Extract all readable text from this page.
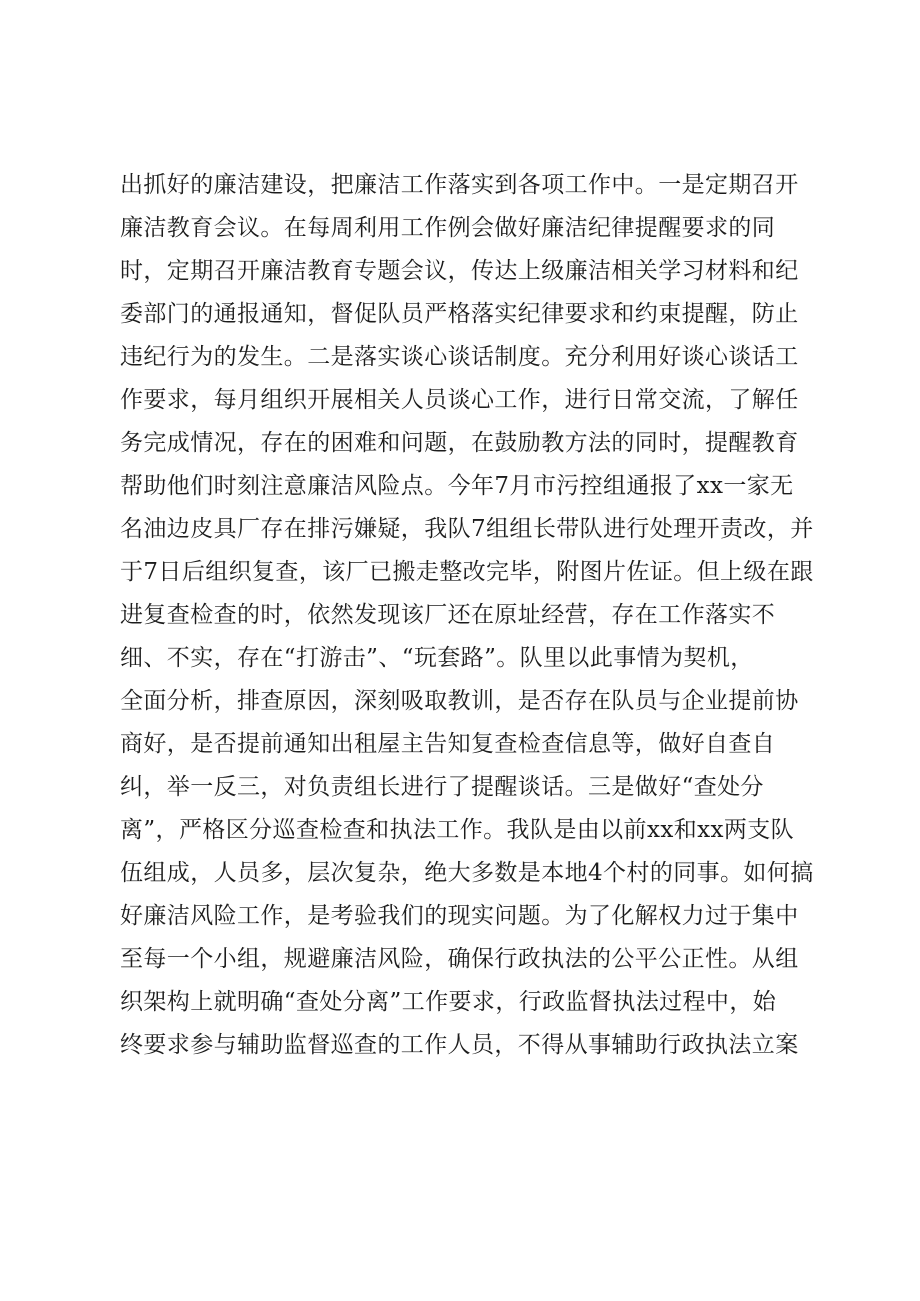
出抓好的廉洁建设，把廉洁工作落实到各项工作中。一是定期召开
廉洁教育会议。在每周利用工作例会做好廉洁纪律提醒要求的同
时，定期召开廉洁教育专题会议，传达上级廉洁相关学习材料和纪
委部门的通报通知，督促队员严格落实纪律要求和约束提醒，防止
违纪行为的发生。二是落实谈心谈话制度。充分利用好谈心谈话工
作要求，每月组织开展相关人员谈心工作，进行日常交流，了解任
务完成情况，存在的困难和问题，在鼓励教方法的同时，提醒教育
帮助他们时刻注意廉洁风险点。今年7月市污控组通报了xx一家无
名油边皮具厂存在排污嫌疑，我队7组组长带队进行处理开责改，并
于7日后组织复查，该厂已搬走整改完毕，附图片佐证。但上级在跟
进复查检查的时，依然发现该厂还在原址经营，存在工作落实不
细、不实，存在“打游击”、“玩套路”。队里以此事情为契机，
全面分析，排查原因，深刻吸取教训，是否存在队员与企业提前协
商好，是否提前通知出租屋主告知复查检查信息等，做好自查自
纠，举一反三，对负责组长进行了提醒谈话。三是做好“查处分
离”，严格区分巡查检查和执法工作。我队是由以前xx和xx两支队
伍组成，人员多，层次复杂，绝大多数是本地4个村的同事。如何搞
好廉洁风险工作，是考验我们的现实问题。为了化解权力过于集中
至每一个小组，规避廉洁风险，确保行政执法的公平公正性。从组
织架构上就明确“查处分离”工作要求，行政监督执法过程中，始
终要求参与辅助监督巡查的工作人员，不得从事辅助行政执法立案
